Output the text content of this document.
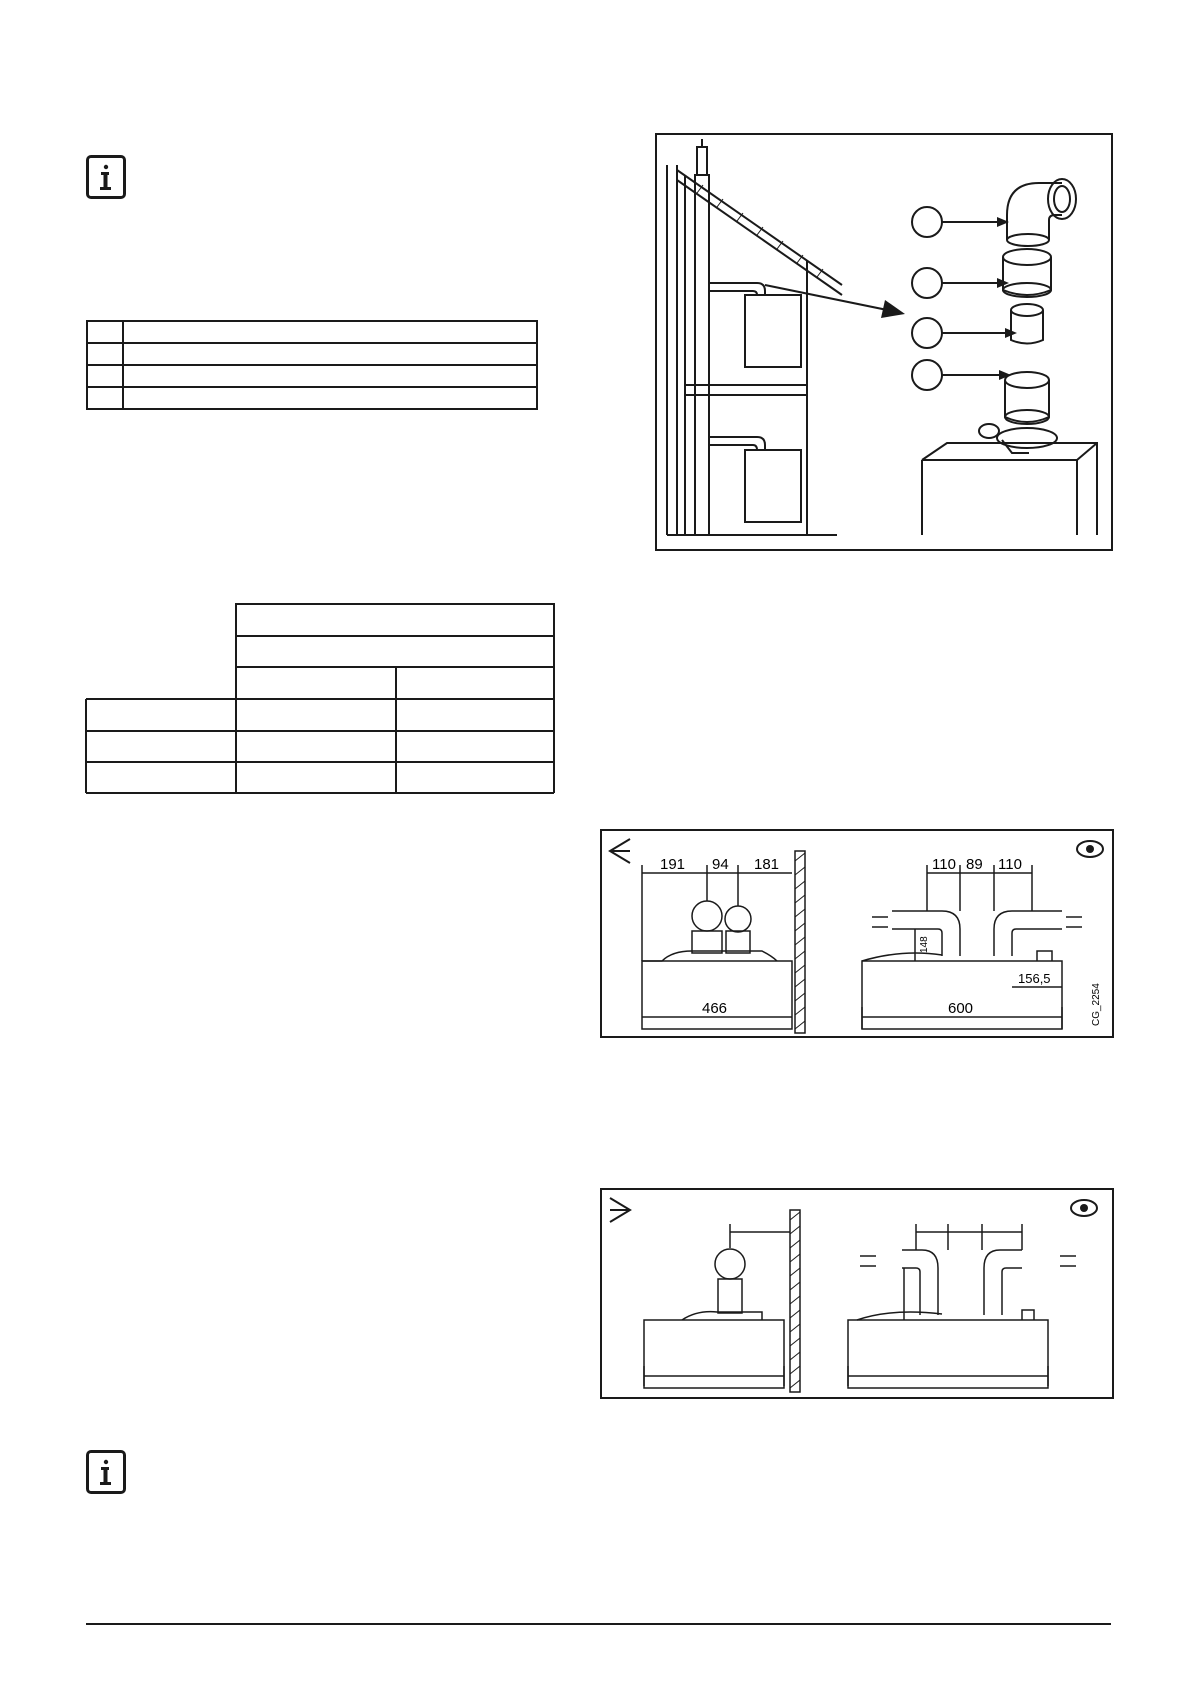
191 94 181
466
110 89 110
148
156,5
600	CG_2254
